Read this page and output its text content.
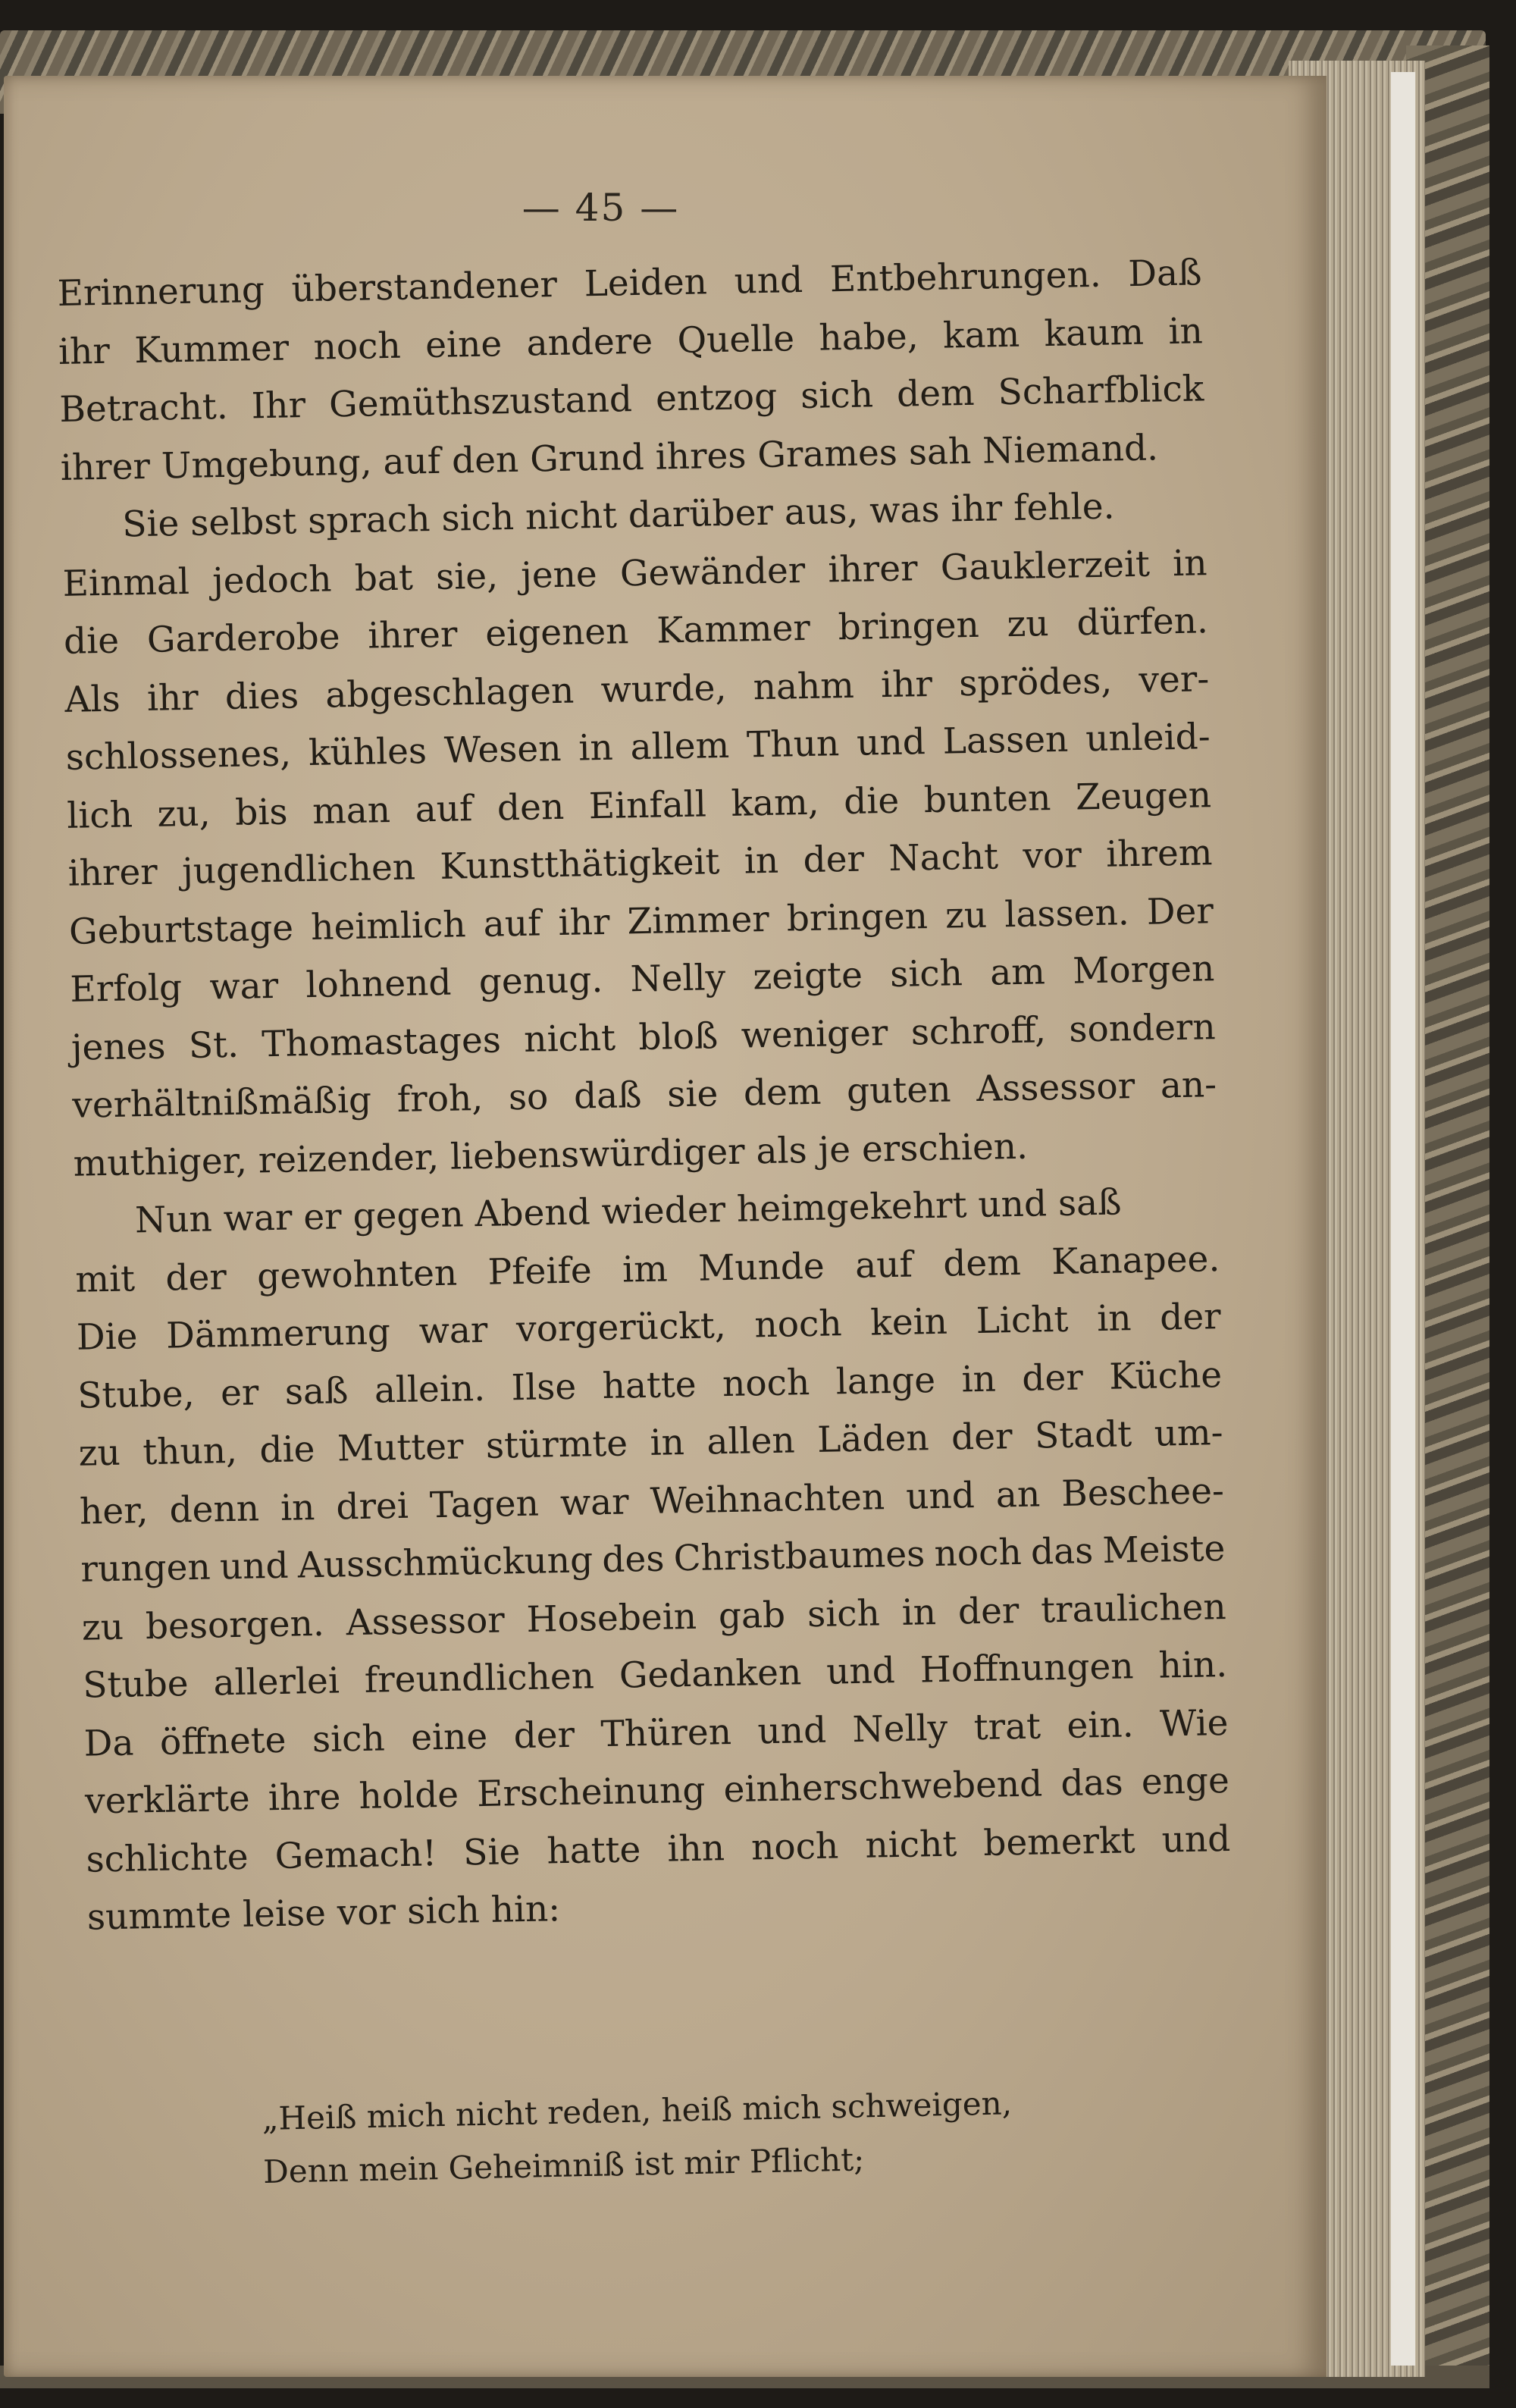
— 45 —
Erinnerung überstandener Leiden und Entbehrungen. Daß
ihr Kummer noch eine andere Quelle habe, kam kaum in
Betracht. Ihr Gemüthszustand entzog sich dem Scharfblick
ihrer Umgebung, auf den Grund ihres Grames sah Niemand.
Sie selbst sprach sich nicht darüber aus, was ihr fehle.
Einmal jedoch bat sie, jene Gewänder ihrer Gauklerzeit in
die Garderobe ihrer eigenen Kammer bringen zu dürfen.
Als ihr dies abgeschlagen wurde, nahm ihr sprödes, ver-
schlossenes, kühles Wesen in allem Thun und Lassen unleid-
lich zu, bis man auf den Einfall kam, die bunten Zeugen
ihrer jugendlichen Kunstthätigkeit in der Nacht vor ihrem
Geburtstage heimlich auf ihr Zimmer bringen zu lassen. Der
Erfolg war lohnend genug. Nelly zeigte sich am Morgen
jenes St. Thomastages nicht bloß weniger schroff, sondern
verhältnißmäßig froh, so daß sie dem guten Assessor an-
muthiger, reizender, liebenswürdiger als je erschien.
Nun war er gegen Abend wieder heimgekehrt und saß
mit der gewohnten Pfeife im Munde auf dem Kanapee.
Die Dämmerung war vorgerückt, noch kein Licht in der
Stube, er saß allein. Ilse hatte noch lange in der Küche
zu thun, die Mutter stürmte in allen Läden der Stadt um-
her, denn in drei Tagen war Weihnachten und an Beschee-
rungen und Ausschmückung des Christbaumes noch das Meiste
zu besorgen. Assessor Hosebein gab sich in der traulichen
Stube allerlei freundlichen Gedanken und Hoffnungen hin.
Da öffnete sich eine der Thüren und Nelly trat ein. Wie
verklärte ihre holde Erscheinung einherschwebend das enge
schlichte Gemach! Sie hatte ihn noch nicht bemerkt und
summte leise vor sich hin:
„Heiß mich nicht reden, heiß mich schweigen,
Denn mein Geheimniß ist mir Pflicht;
